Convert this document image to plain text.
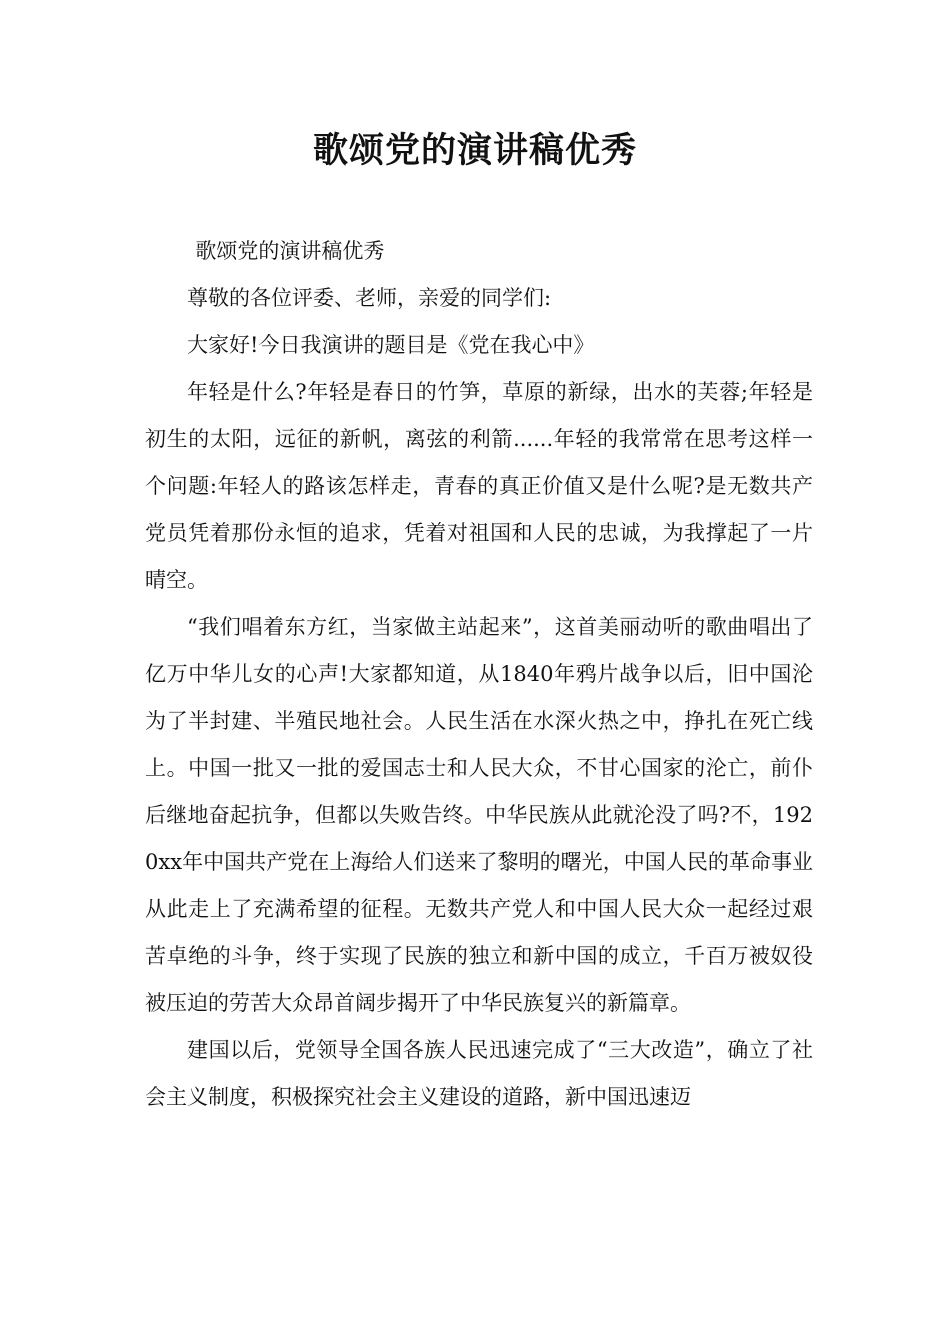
歌颂党的演讲稿优秀

歌颂党的演讲稿优秀

尊敬的各位评委、老师，亲爱的同学们:

大家好!今日我演讲的题目是《党在我心中》

年轻是什么?年轻是春日的竹笋，草原的新绿，出水的芙蓉;年轻是初生的太阳，远征的新帆，离弦的利箭......年轻的我常常在思考这样一个问题:年轻人的路该怎样走，青春的真正价值又是什么呢?是无数共产党员凭着那份永恒的追求，凭着对祖国和人民的忠诚，为我撑起了一片晴空。

“我们唱着东方红，当家做主站起来”，这首美丽动听的歌曲唱出了亿万中华儿女的心声!大家都知道，从1840年鸦片战争以后，旧中国沦为了半封建、半殖民地社会。人民生活在水深火热之中，挣扎在死亡线上。中国一批又一批的爱国志士和人民大众，不甘心国家的沦亡，前仆后继地奋起抗争，但都以失败告终。中华民族从此就沦没了吗?不，1920xx年中国共产党在上海给人们送来了黎明的曙光，中国人民的革命事业从此走上了充满希望的征程。无数共产党人和中国人民大众一起经过艰苦卓绝的斗争，终于实现了民族的独立和新中国的成立，千百万被奴役被压迫的劳苦大众昂首阔步揭开了中华民族复兴的新篇章。

建国以后，党领导全国各族人民迅速完成了“三大改造”，确立了社会主义制度，积极探究社会主义建设的道路，新中国迅速迈
